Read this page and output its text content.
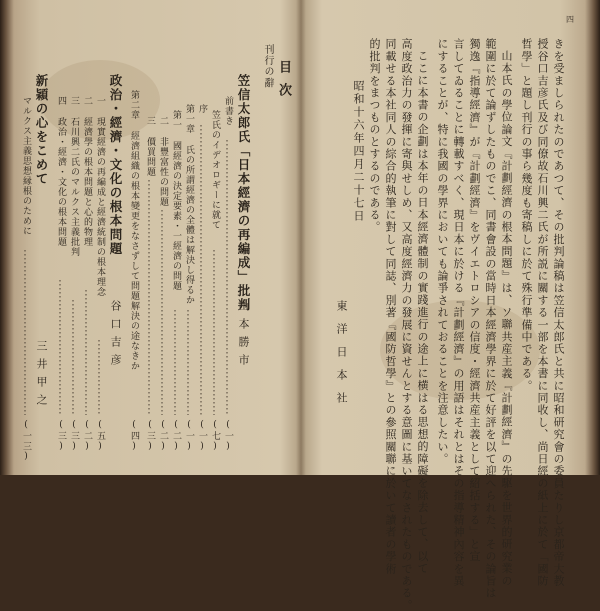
四
きを受ましられたのであつて、その批判論稿は笠信太郎氏と共に昭和研究會の委員たりし京都帝大教
授谷口吉彦氏及び同僚故石川興二氏が所説に關する一部を本書に同收し、尚日經の紙上に於て「國防
哲學」と題し刊行の事ら幾度も寄稿しに於て殊行準備中である。
山本氏の學位論文『計劃經濟の根本問題』は、ソ聯共産主義『計劃經濟』の先駆を世界的研究業の
範圍に於て論ずしたものでこ、同書會設の當時日本經濟學界に於て好評を以て迎へられた、その論旨は
獨逸『指導經濟』が『計劃經濟』をヴイエトロシアの信度・經濟共産主義として紹括する」と宣
言してゐることに轉載すべく、現日本に於ける『計劃經濟』の用語はそれとはその指導精神內容を異
にすることが、特に我國の學界においても論爭されておることを注意したい。
ここに本書の企劃は本年の日本經濟體制の實踐進行の途上に横はる思想的障礙を除去して、以て
高度政治力の發揮に寄與せしめ、又高度經濟力の發展に資せんとする意圖に基いてなされたものである。
同載せる本社同人の綜合的執筆に對して同誌、別著『國防哲學』との參照關聯に於いて讀者の學術
的批判をまつものとするのである。
昭和十六年四月二十七日
東洋日本社
刊行の辭 目次
笠信太郎氏「日本經濟の再編成」批判
山本勝市
前書き
(一)
笠氏のイデオロギーに就て
(七)
序
(一)
第一章 氏の所謂經濟の全體は解決し得るか
(一)
第一 國經濟の決定要素・一經濟の問題
(二)
二 非豐富性の問題
(二)
三 價買問題
(三)
第二章 經濟組織の根本變更をなさずして問題解決の途なきか
(四)
政治・經濟・文化の根本問題
谷口吉彦
一 現實經濟の再編成と經濟統制の根本理念
(五)
二 經濟學の根本問題と心的物理
(二)
三 石川興二氏のマルクス主義批判
(三)
四 政治・經濟・文化の根本問題
(三)
新穎の心をこめて
三井甲之
マルクス主義思想縁根のために
(一三)
